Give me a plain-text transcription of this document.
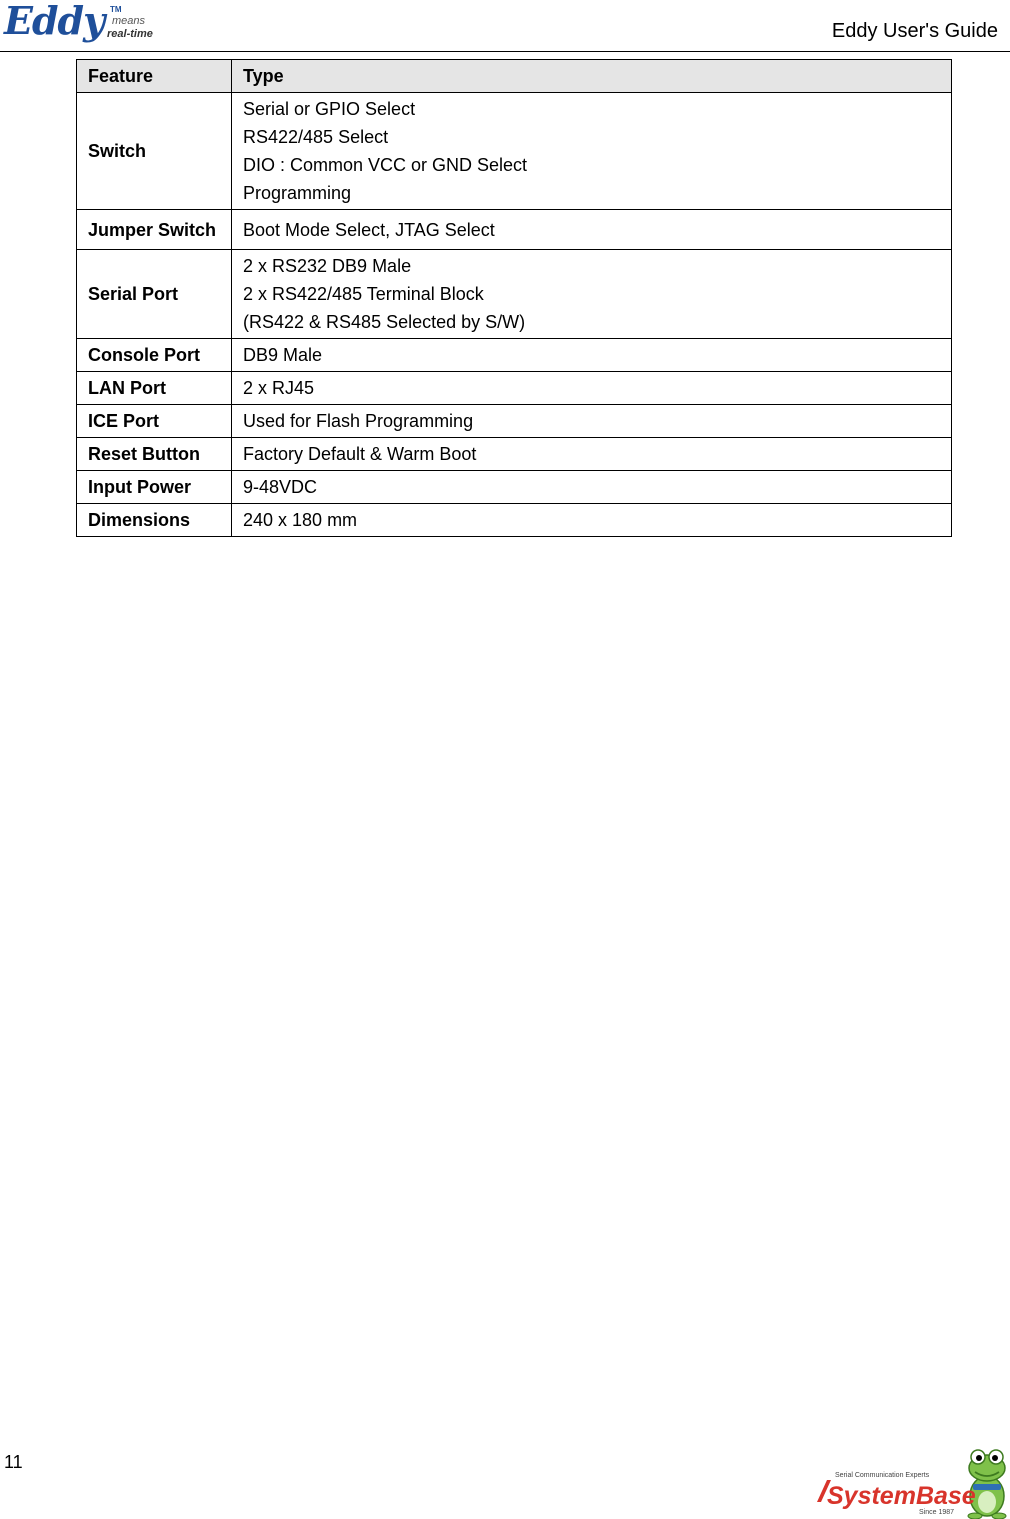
Eddy TM
means
real-time	Eddy User's Guide
Feature	Type
Switch	Serial or GPIO Select
RS422/485 Select
DIO : Common VCC or GND Select
Programming

Jumper Switch	Boot Mode Select, JTAG Select

Serial Port	2 x RS232 DB9 Male
2 x RS422/485 Terminal Block
(RS422 & RS485 Selected by S/W)

Console Port	DB9 Male

LAN Port	2 x RJ45

ICE Port	Used for Flash Programming

Reset Button	Factory Default & Warm Boot

Input Power	9-48VDC

Dimensions	240 x 180 mm
11
Serial Communication Experts
SystemBase
Since 1987
